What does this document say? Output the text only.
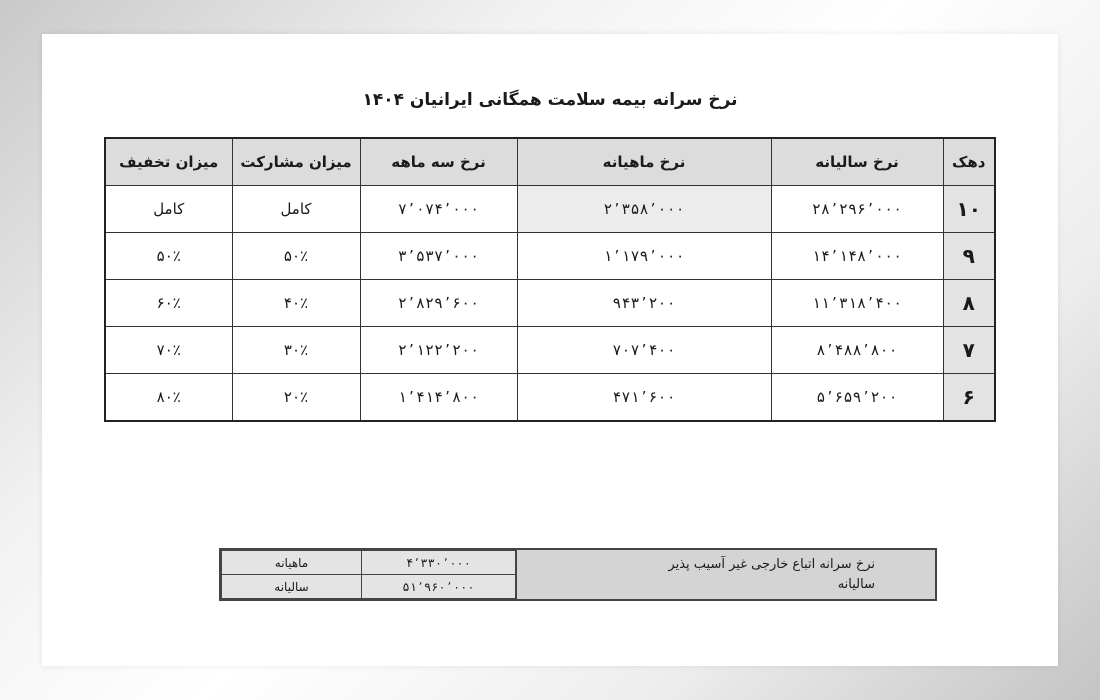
نرخ سرانه بیمه سلامت همگانی ایرانیان ۱۴۰۴
دهک	نرخ سالیانه	نرخ ماهیانه	نرخ سه ماهه	میزان مشارکت	میزان تخفیف
۱۰	۲۸٬۲۹۶٬۰۰۰	۲٬۳۵۸٬۰۰۰	۷٬۰۷۴٬۰۰۰	کامل	کامل
۹	۱۴٬۱۴۸٬۰۰۰	۱٬۱۷۹٬۰۰۰	۳٬۵۳۷٬۰۰۰	۵۰٪	۵۰٪
۸	۱۱٬۳۱۸٬۴۰۰	۹۴۳٬۲۰۰	۲٬۸۲۹٬۶۰۰	۴۰٪	۶۰٪
۷	۸٬۴۸۸٬۸۰۰	۷۰۷٬۴۰۰	۲٬۱۲۲٬۲۰۰	۳۰٪	۷۰٪
۶	۵٬۶۵۹٬۲۰۰	۴۷۱٬۶۰۰	۱٬۴۱۴٬۸۰۰	۲۰٪	۸۰٪
نرخ سرانه اتباع خارجی غیر آسیب پذیر
سالیانه
۴٬۳۳۰٬۰۰۰	ماهیانه
۵۱٬۹۶۰٬۰۰۰	سالیانه
